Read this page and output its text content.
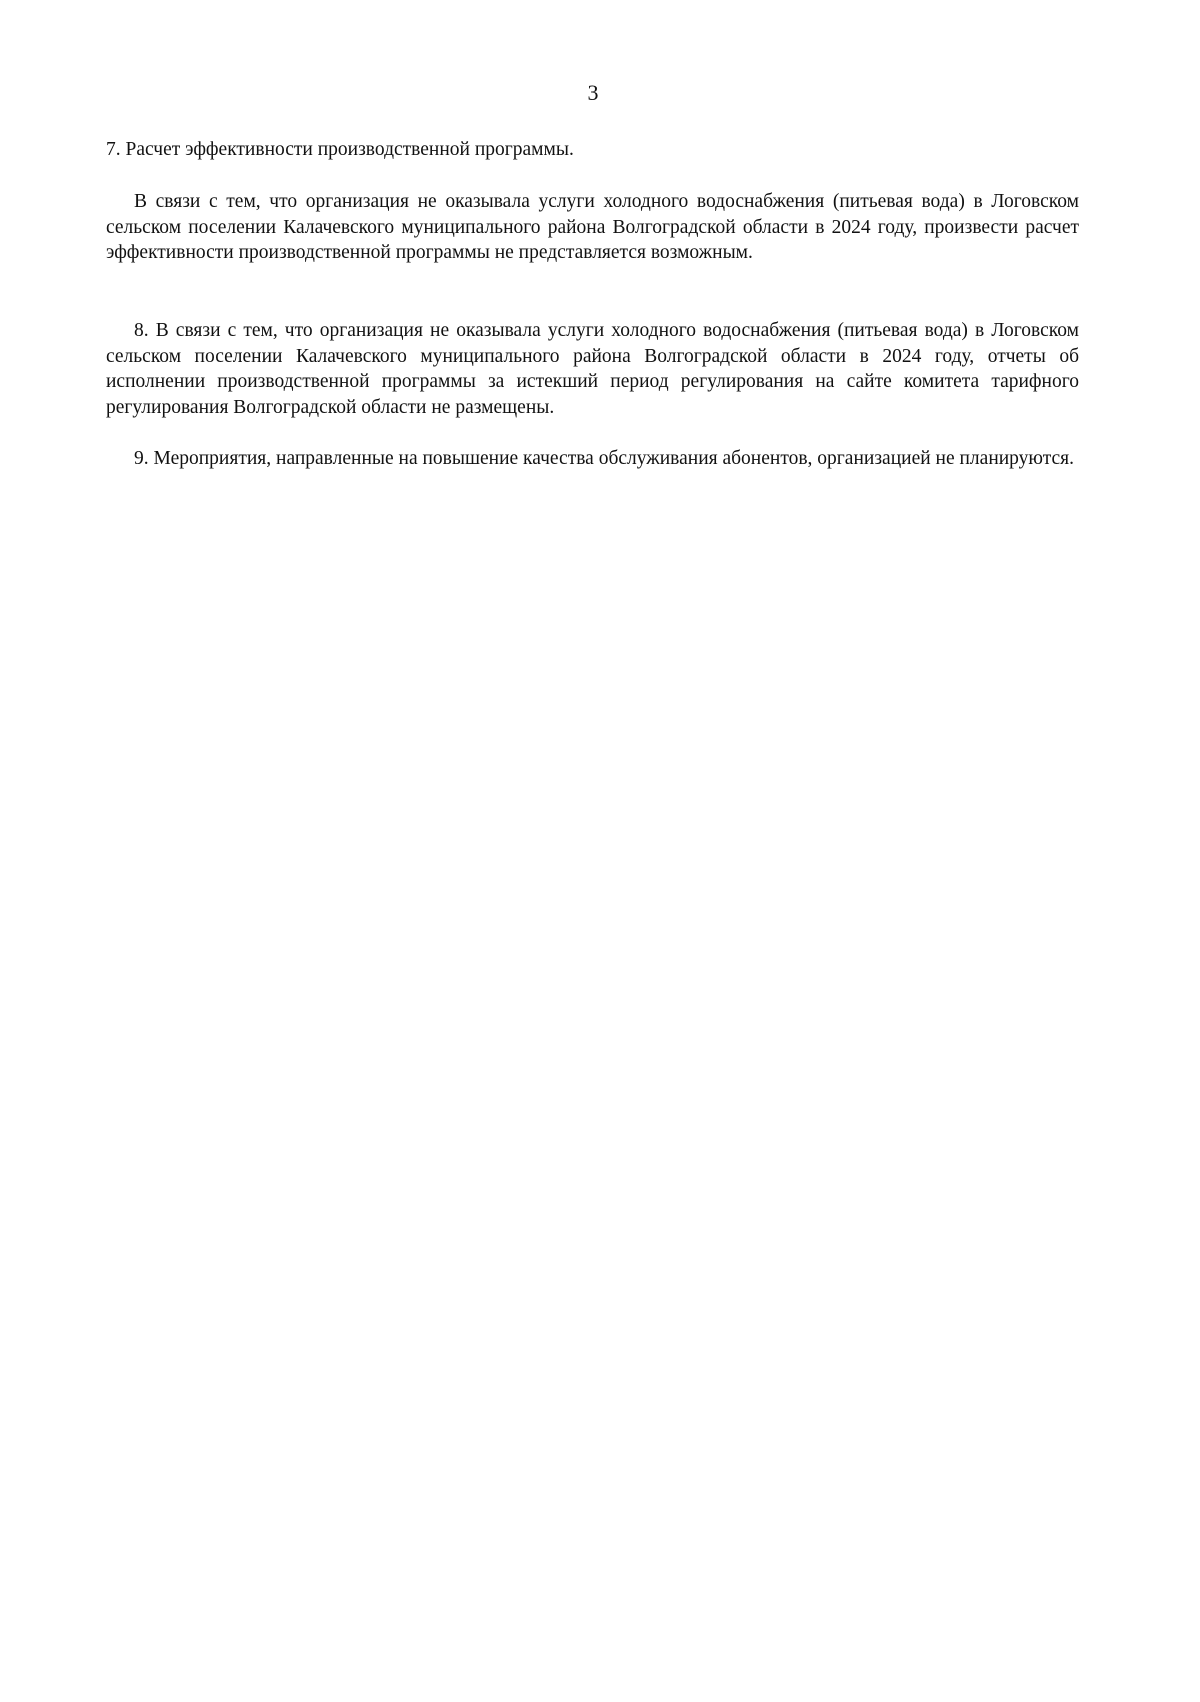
3
7. Расчет эффективности производственной программы.
В связи с тем, что организация не оказывала услуги холодного водоснабжения (питьевая вода) в Логовском сельском поселении Калачевского муниципального района Волгоградской области в 2024 году, произвести расчет эффективности производственной программы не представляется возможным.
8. В связи с тем, что организация не оказывала услуги холодного водоснабжения (питьевая вода) в Логовском сельском поселении Калачевского муниципального района Волгоградской области в 2024 году, отчеты об исполнении производственной программы за истекший период регулирования на сайте комитета тарифного регулирования Волгоградской области не размещены.
9. Мероприятия, направленные на повышение качества обслуживания абонентов, организацией не планируются.
